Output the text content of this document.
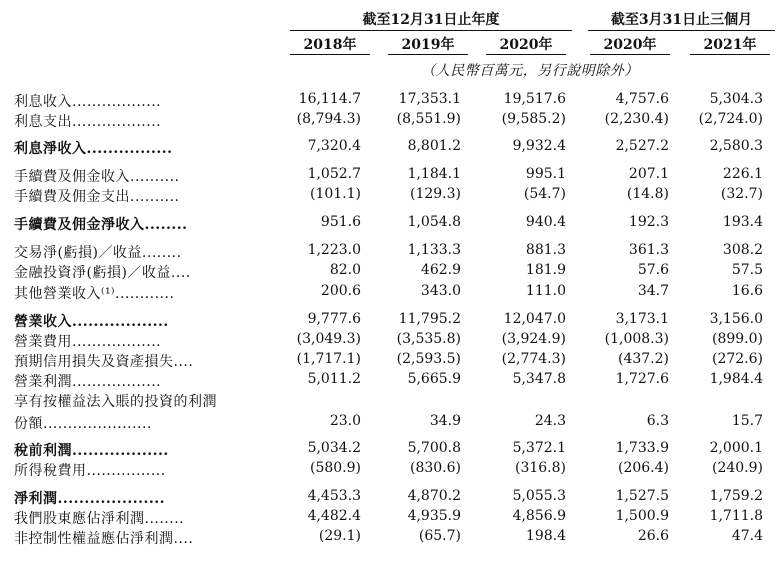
截至12月31日止年度	截至3月31日止三個月
2018年	2019年	2020年	2020年	2021年
（人民幣百萬元，另行說明除外）
利息收入..................	16,114.7	17,353.1	19,517.6	4,757.6	5,304.3
利息支出..................	(8,794.3)	(8,551.9)	(9,585.2)	(2,230.4)	(2,724.0)
利息淨收入................	7,320.4	8,801.2	9,932.4	2,527.2	2,580.3
手續費及佣金收入..........	1,052.7	1,184.1	995.1	207.1	226.1
手續費及佣金支出..........	(101.1)	(129.3)	(54.7)	(14.8)	(32.7)
手續費及佣金淨收入........	951.6	1,054.8	940.4	192.3	193.4
交易淨(虧損)／收益........	1,223.0	1,133.3	881.3	361.3	308.2
金融投資淨(虧損)／收益....	82.0	462.9	181.9	57.6	57.5
其他營業收入⁽¹⁾............	200.6	343.0	111.0	34.7	16.6
營業收入..................	9,777.6	11,795.2	12,047.0	3,173.1	3,156.0
營業費用..................	(3,049.3)	(3,535.8)	(3,924.9)	(1,008.3)	(899.0)
預期信用損失及資產損失....	(1,717.1)	(2,593.5)	(2,774.3)	(437.2)	(272.6)
營業利潤..................	5,011.2	5,665.9	5,347.8	1,727.6	1,984.4
享有按權益法入賬的投資的利潤
份額......................	23.0	34.9	24.3	6.3	15.7
稅前利潤..................	5,034.2	5,700.8	5,372.1	1,733.9	2,000.1
所得稅費用................	(580.9)	(830.6)	(316.8)	(206.4)	(240.9)
淨利潤....................	4,453.3	4,870.2	5,055.3	1,527.5	1,759.2
我們股東應佔淨利潤........	4,482.4	4,935.9	4,856.9	1,500.9	1,711.8
非控制性權益應佔淨利潤....	(29.1)	(65.7)	198.4	26.6	47.4
